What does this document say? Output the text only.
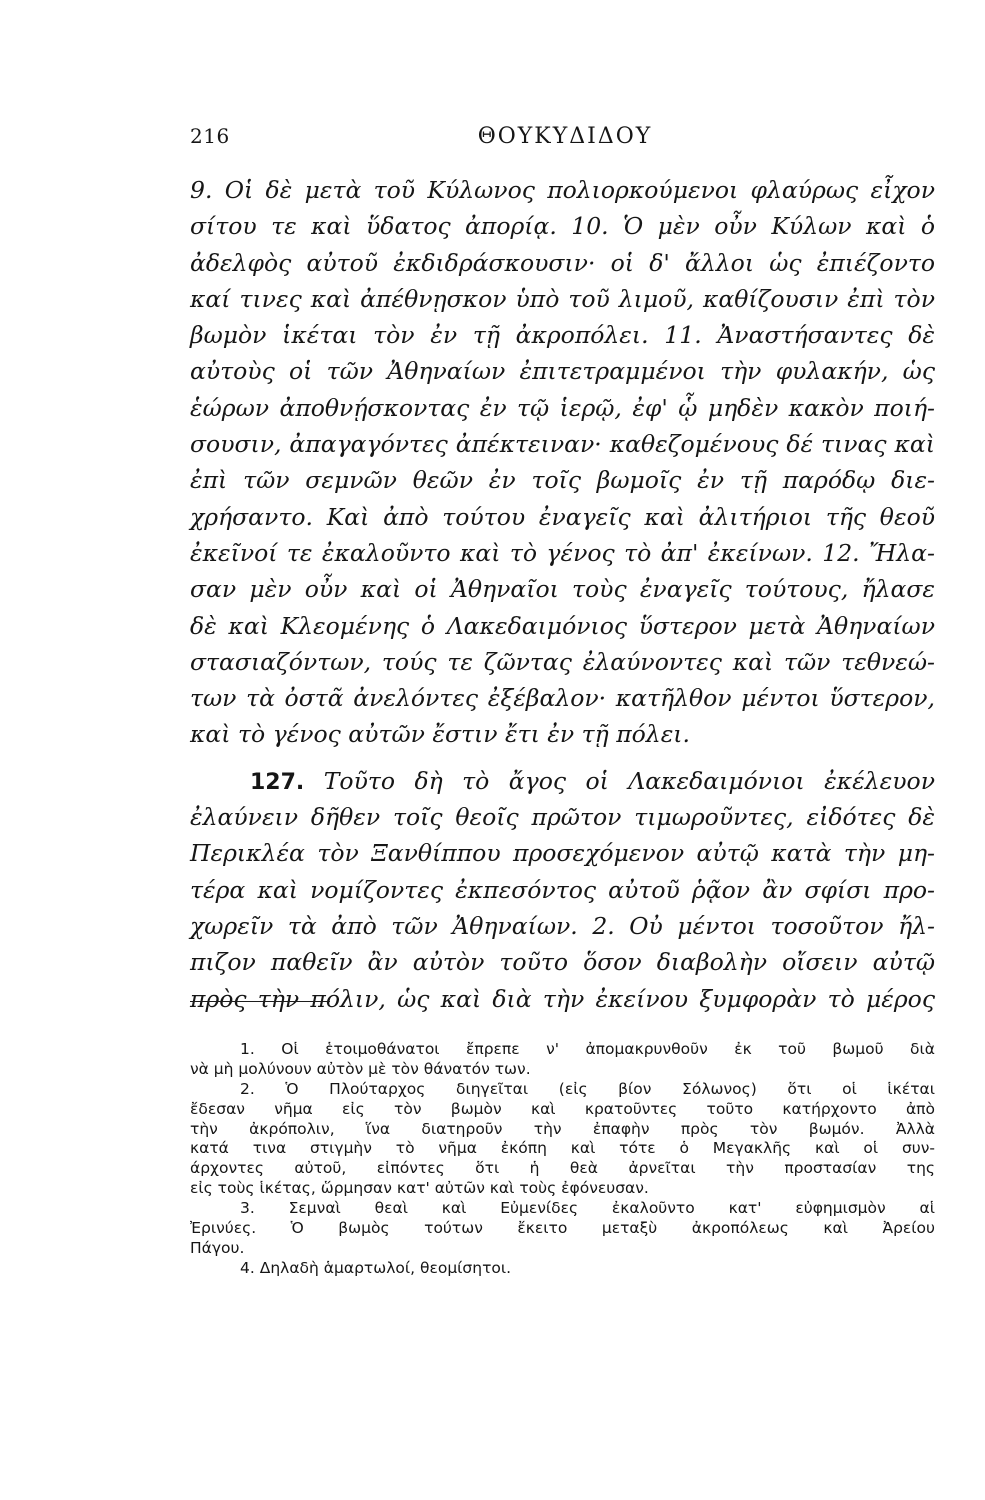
216	ΘΟΥΚΥΔΙΔΟΥ
9. Οἱ δὲ μετὰ τοῦ Κύλωνος πολιορκούμενοι φλαύρως εἶχον
σίτου τε καὶ ὕδατος ἀπορίᾳ. 10. Ὁ μὲν οὖν Κύλων καὶ ὁ
ἀδελφὸς αὐτοῦ ἐκδιδράσκουσιν· οἱ δ' ἄλλοι ὡς ἐπιέζοντο
καί τινες καὶ ἀπέθνῃσκον ὑπὸ τοῦ λιμοῦ, καθίζουσιν ἐπὶ τὸν
βωμὸν ἱκέται τὸν ἐν τῇ ἀκροπόλει. 11. Ἀναστήσαντες δὲ
αὐτοὺς οἱ τῶν Ἀθηναίων ἐπιτετραμμένοι τὴν φυλακήν, ὡς
ἑώρων ἀποθνῄσκοντας ἐν τῷ ἱερῷ, ἐφ' ᾧ μηδὲν κακὸν ποιή-
σουσιν, ἀπαγαγόντες ἀπέκτειναν· καθεζομένους δέ τινας καὶ
ἐπὶ τῶν σεμνῶν θεῶν ἐν τοῖς βωμοῖς ἐν τῇ παρόδῳ διε-
χρήσαντο. Καὶ ἀπὸ τούτου ἐναγεῖς καὶ ἀλιτήριοι τῆς θεοῦ
ἐκεῖνοί τε ἐκαλοῦντο καὶ τὸ γένος τὸ ἀπ' ἐκείνων. 12. Ἤλα-
σαν μὲν οὖν καὶ οἱ Ἀθηναῖοι τοὺς ἐναγεῖς τούτους, ἤλασε
δὲ καὶ Κλεομένης ὁ Λακεδαιμόνιος ὕστερον μετὰ Ἀθηναίων
στασιαζόντων, τούς τε ζῶντας ἐλαύνοντες καὶ τῶν τεθνεώ-
των τὰ ὀστᾶ ἀνελόντες ἐξέβαλον· κατῆλθον μέντοι ὕστερον,
καὶ τὸ γένος αὐτῶν ἔστιν ἔτι ἐν τῇ πόλει.
127. Τοῦτο δὴ τὸ ἄγος οἱ Λακεδαιμόνιοι ἐκέλευον
ἐλαύνειν δῆθεν τοῖς θεοῖς πρῶτον τιμωροῦντες, εἰδότες δὲ
Περικλέα τὸν Ξανθίππου προσεχόμενον αὐτῷ κατὰ τὴν μη-
τέρα καὶ νομίζοντες ἐκπεσόντος αὐτοῦ ῥᾷον ἂν σφίσι προ-
χωρεῖν τὰ ἀπὸ τῶν Ἀθηναίων. 2. Οὐ μέντοι τοσοῦτον ἤλ-
πιζον παθεῖν ἂν αὐτὸν τοῦτο ὅσον διαβολὴν οἴσειν αὐτῷ
πρὸς τὴν πόλιν, ὡς καὶ διὰ τὴν ἐκείνου ξυμφορὰν τὸ μέρος
1. Οἱ ἑτοιμοθάνατοι ἔπρεπε ν' ἀπομακρυνθοῦν ἐκ τοῦ βωμοῦ διὰ
νὰ μὴ μολύνουν αὐτὸν μὲ τὸν θάνατόν των.
2. Ὁ Πλούταρχος διηγεῖται (εἰς βίον Σόλωνος) ὅτι οἱ ἱκέται
ἔδεσαν νῆμα εἰς τὸν βωμὸν καὶ κρατοῦντες τοῦτο κατήρχοντο ἀπὸ
τὴν ἀκρόπολιν, ἵνα διατηροῦν τὴν ἐπαφὴν πρὸς τὸν βωμόν. Ἀλλὰ
κατά τινα στιγμὴν τὸ νῆμα ἐκόπη καὶ τότε ὁ Μεγακλῆς καὶ οἱ συν-
άρχοντες αὐτοῦ, εἰπόντες ὅτι ἡ θεὰ ἀρνεῖται τὴν προστασίαν της
εἰς τοὺς ἱκέτας, ὥρμησαν κατ' αὐτῶν καὶ τοὺς ἐφόνευσαν.
3. Σεμναὶ θεαὶ καὶ Εὐμενίδες ἐκαλοῦντο κατ' εὐφημισμὸν αἱ
Ἐρινύες. Ὁ βωμὸς τούτων ἔκειτο μεταξὺ ἀκροπόλεως καὶ Ἀρείου
Πάγου.
4. Δηλαδὴ ἁμαρτωλοί, θεομίσητοι.
